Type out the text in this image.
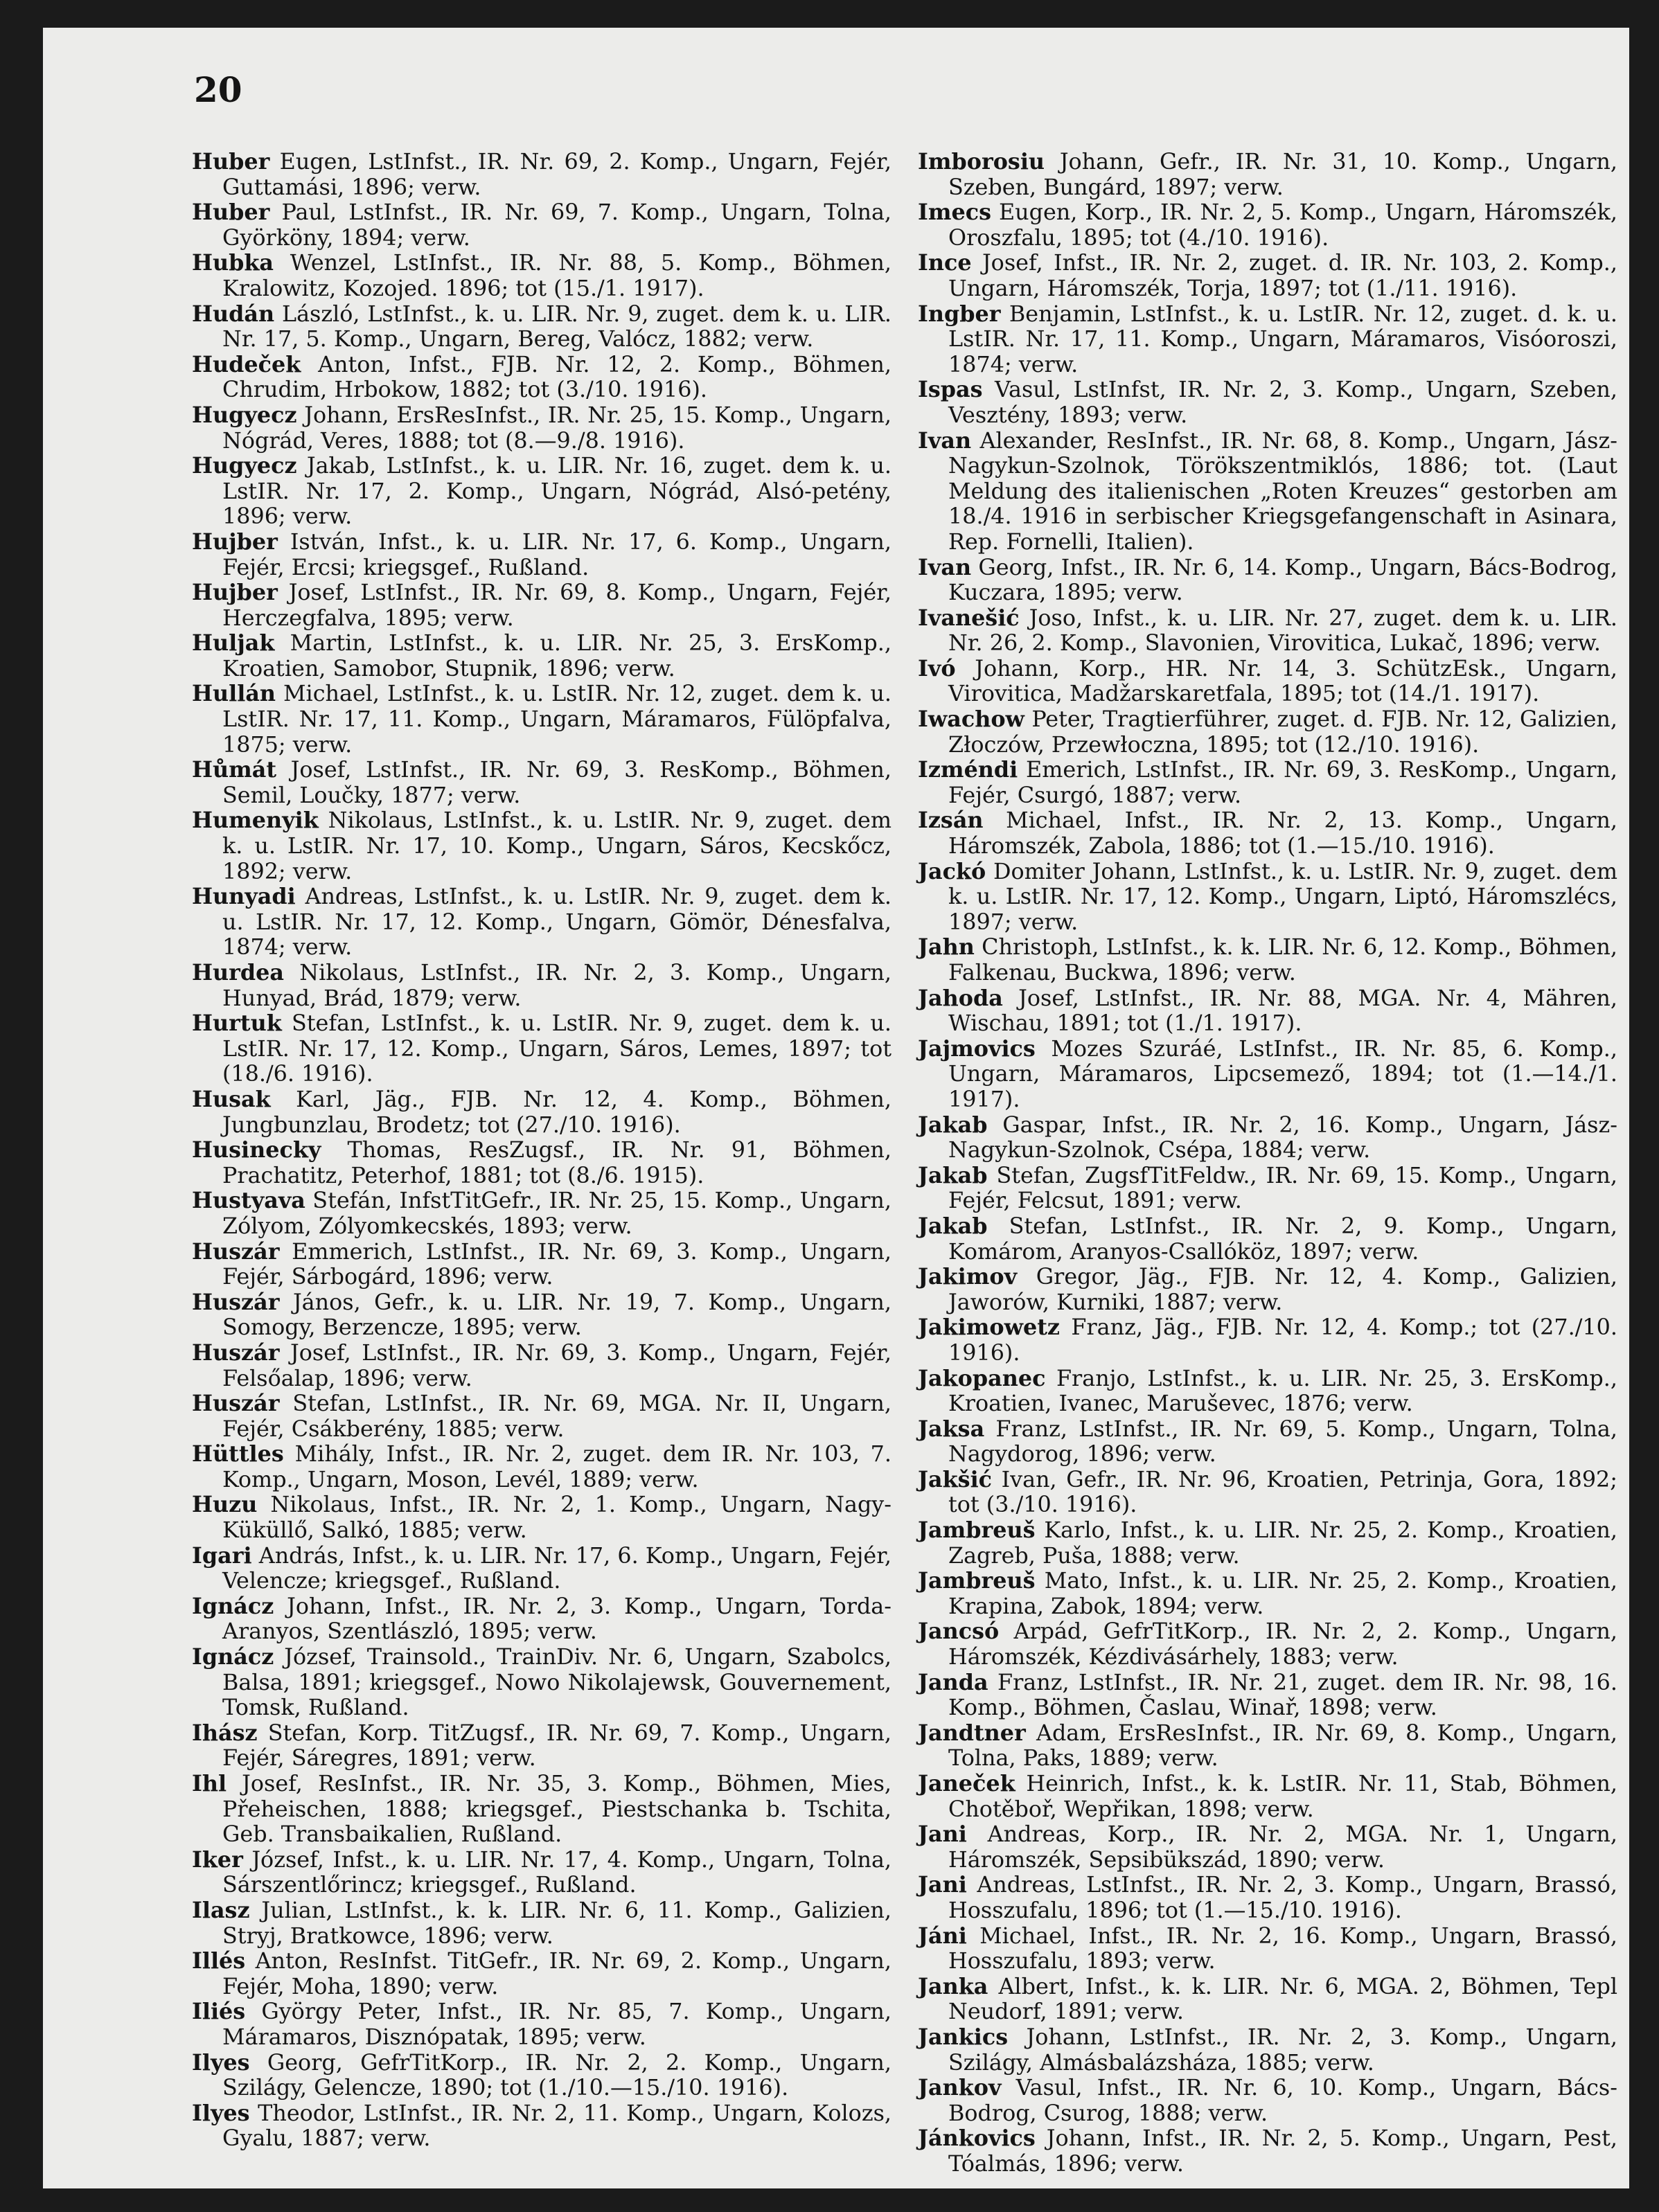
20

Huber Eugen, LstInfst., IR. Nr. 69, 2. Komp., Ungarn, Fejér, Guttamási, 1896; verw.

Huber Paul, LstInfst., IR. Nr. 69, 7. Komp., Ungarn, Tolna, Györköny, 1894; verw.

Hubka Wenzel, LstInfst., IR. Nr. 88, 5. Komp., Böhmen, Kralowitz, Kozojed. 1896; tot (15./1. 1917).

Hudán László, LstInfst., k. u. LIR. Nr. 9, zuget. dem k. u. LIR. Nr. 17, 5. Komp., Ungarn, Bereg, Valócz, 1882; verw.

Hudeček Anton, Infst., FJB. Nr. 12, 2. Komp., Böhmen, Chrudim, Hrbokow, 1882; tot (3./10. 1916).

Hugyecz Johann, ErsResInfst., IR. Nr. 25, 15. Komp., Ungarn, Nógrád, Veres, 1888; tot (8.—9./8. 1916).

Hugyecz Jakab, LstInfst., k. u. LIR. Nr. 16, zuget. dem k. u. LstIR. Nr. 17, 2. Komp., Ungarn, Nógrád, Alsó-petény, 1896; verw.

Hujber István, Infst., k. u. LIR. Nr. 17, 6. Komp., Ungarn, Fejér, Ercsi; kriegsgef., Rußland.

Hujber Josef, LstInfst., IR. Nr. 69, 8. Komp., Ungarn, Fejér, Herczegfalva, 1895; verw.

Huljak Martin, LstInfst., k. u. LIR. Nr. 25, 3. ErsKomp., Kroatien, Samobor, Stupnik, 1896; verw.

Hullán Michael, LstInfst., k. u. LstIR. Nr. 12, zuget. dem k. u. LstIR. Nr. 17, 11. Komp., Ungarn, Máramaros, Fülöpfalva, 1875; verw.

Hůmát Josef, LstInfst., IR. Nr. 69, 3. ResKomp., Böhmen, Semil, Loučky, 1877; verw.

Humenyik Nikolaus, LstInfst., k. u. LstIR. Nr. 9, zuget. dem k. u. LstIR. Nr. 17, 10. Komp., Ungarn, Sáros, Kecskőcz, 1892; verw.

Hunyadi Andreas, LstInfst., k. u. LstIR. Nr. 9, zuget. dem k. u. LstIR. Nr. 17, 12. Komp., Ungarn, Gömör, Dénesfalva, 1874; verw.

Hurdea Nikolaus, LstInfst., IR. Nr. 2, 3. Komp., Ungarn, Hunyad, Brád, 1879; verw.

Hurtuk Stefan, LstInfst., k. u. LstIR. Nr. 9, zuget. dem k. u. LstIR. Nr. 17, 12. Komp., Ungarn, Sáros, Lemes, 1897; tot (18./6. 1916).

Husak Karl, Jäg., FJB. Nr. 12, 4. Komp., Böhmen, Jungbunzlau, Brodetz; tot (27./10. 1916).

Husinecky Thomas, ResZugsf., IR. Nr. 91, Böhmen, Prachatitz, Peterhof, 1881; tot (8./6. 1915).

Hustyava Stefán, InfstTitGefr., IR. Nr. 25, 15. Komp., Ungarn, Zólyom, Zólyomkecskés, 1893; verw.

Huszár Emmerich, LstInfst., IR. Nr. 69, 3. Komp., Ungarn, Fejér, Sárbogárd, 1896; verw.

Huszár János, Gefr., k. u. LIR. Nr. 19, 7. Komp., Ungarn, Somogy, Berzencze, 1895; verw.

Huszár Josef, LstInfst., IR. Nr. 69, 3. Komp., Ungarn, Fejér, Felsőalap, 1896; verw.

Huszár Stefan, LstInfst., IR. Nr. 69, MGA. Nr. II, Ungarn, Fejér, Csákberény, 1885; verw.

Hüttles Mihály, Infst., IR. Nr. 2, zuget. dem IR. Nr. 103, 7. Komp., Ungarn, Moson, Levél, 1889; verw.

Huzu Nikolaus, Infst., IR. Nr. 2, 1. Komp., Ungarn, Nagy-Küküllő, Salkó, 1885; verw.

Igari András, Infst., k. u. LIR. Nr. 17, 6. Komp., Ungarn, Fejér, Velencze; kriegsgef., Rußland.

Ignácz Johann, Infst., IR. Nr. 2, 3. Komp., Ungarn, Torda-Aranyos, Szentlászló, 1895; verw.

Ignácz József, Trainsold., TrainDiv. Nr. 6, Ungarn, Szabolcs, Balsa, 1891; kriegsgef., Nowo Nikolajewsk, Gouvernement, Tomsk, Rußland.

Ihász Stefan, Korp. TitZugsf., IR. Nr. 69, 7. Komp., Ungarn, Fejér, Sáregres, 1891; verw.

Ihl Josef, ResInfst., IR. Nr. 35, 3. Komp., Böhmen, Mies, Přeheischen, 1888; kriegsgef., Piestschanka b. Tschita, Geb. Transbaikalien, Rußland.

Iker József, Infst., k. u. LIR. Nr. 17, 4. Komp., Ungarn, Tolna, Sárszentlőrincz; kriegsgef., Rußland.

Ilasz Julian, LstInfst., k. k. LIR. Nr. 6, 11. Komp., Galizien, Stryj, Bratkowce, 1896; verw.

Illés Anton, ResInfst. TitGefr., IR. Nr. 69, 2. Komp., Ungarn, Fejér, Moha, 1890; verw.

Iliés György Peter, Infst., IR. Nr. 85, 7. Komp., Ungarn, Máramaros, Disznópatak, 1895; verw.

Ilyes Georg, GefrTitKorp., IR. Nr. 2, 2. Komp., Ungarn, Szilágy, Gelencze, 1890; tot (1./10.—15./10. 1916).

Ilyes Theodor, LstInfst., IR. Nr. 2, 11. Komp., Ungarn, Kolozs, Gyalu, 1887; verw.

Imborosiu Johann, Gefr., IR. Nr. 31, 10. Komp., Ungarn, Szeben, Bungárd, 1897; verw.

Imecs Eugen, Korp., IR. Nr. 2, 5. Komp., Ungarn, Háromszék, Oroszfalu, 1895; tot (4./10. 1916).

Ince Josef, Infst., IR. Nr. 2, zuget. d. IR. Nr. 103, 2. Komp., Ungarn, Háromszék, Torja, 1897; tot (1./11. 1916).

Ingber Benjamin, LstInfst., k. u. LstIR. Nr. 12, zuget. d. k. u. LstIR. Nr. 17, 11. Komp., Ungarn, Máramaros, Visóoroszi, 1874; verw.

Ispas Vasul, LstInfst, IR. Nr. 2, 3. Komp., Ungarn, Szeben, Vesztény, 1893; verw.

Ivan Alexander, ResInfst., IR. Nr. 68, 8. Komp., Ungarn, Jász-Nagykun-Szolnok, Törökszentmiklós, 1886; tot. (Laut Meldung des italienischen „Roten Kreuzes“ gestorben am 18./4. 1916 in serbischer Kriegsgefangenschaft in Asinara, Rep. Fornelli, Italien).

Ivan Georg, Infst., IR. Nr. 6, 14. Komp., Ungarn, Bács-Bodrog, Kuczara, 1895; verw.

Ivanešić Joso, Infst., k. u. LIR. Nr. 27, zuget. dem k. u. LIR. Nr. 26, 2. Komp., Slavonien, Virovitica, Lukač, 1896; verw.

Ivó Johann, Korp., HR. Nr. 14, 3. SchützEsk., Ungarn, Virovitica, Madžarskaretfala, 1895; tot (14./1. 1917).

Iwachow Peter, Tragtierführer, zuget. d. FJB. Nr. 12, Galizien, Złoczów, Przewłoczna, 1895; tot (12./10. 1916).

Izméndi Emerich, LstInfst., IR. Nr. 69, 3. ResKomp., Ungarn, Fejér, Csurgó, 1887; verw.

Izsán Michael, Infst., IR. Nr. 2, 13. Komp., Ungarn, Háromszék, Zabola, 1886; tot (1.—15./10. 1916).

Jackó Domiter Johann, LstInfst., k. u. LstIR. Nr. 9, zuget. dem k. u. LstIR. Nr. 17, 12. Komp., Ungarn, Liptó, Háromszlécs, 1897; verw.

Jahn Christoph, LstInfst., k. k. LIR. Nr. 6, 12. Komp., Böhmen, Falkenau, Buckwa, 1896; verw.

Jahoda Josef, LstInfst., IR. Nr. 88, MGA. Nr. 4, Mähren, Wischau, 1891; tot (1./1. 1917).

Jajmovics Mozes Szuráé, LstInfst., IR. Nr. 85, 6. Komp., Ungarn, Máramaros, Lipcsemező, 1894; tot (1.—14./1. 1917).

Jakab Gaspar, Infst., IR. Nr. 2, 16. Komp., Ungarn, Jász-Nagykun-Szolnok, Csépa, 1884; verw.

Jakab Stefan, ZugsfTitFeldw., IR. Nr. 69, 15. Komp., Ungarn, Fejér, Felcsut, 1891; verw.

Jakab Stefan, LstInfst., IR. Nr. 2, 9. Komp., Ungarn, Komárom, Aranyos-Csallóköz, 1897; verw.

Jakimov Gregor, Jäg., FJB. Nr. 12, 4. Komp., Galizien, Jaworów, Kurniki, 1887; verw.

Jakimowetz Franz, Jäg., FJB. Nr. 12, 4. Komp.; tot (27./10. 1916).

Jakopanec Franjo, LstInfst., k. u. LIR. Nr. 25, 3. ErsKomp., Kroatien, Ivanec, Maruševec, 1876; verw.

Jaksa Franz, LstInfst., IR. Nr. 69, 5. Komp., Ungarn, Tolna, Nagydorog, 1896; verw.

Jakšić Ivan, Gefr., IR. Nr. 96, Kroatien, Petrinja, Gora, 1892; tot (3./10. 1916).

Jambreuš Karlo, Infst., k. u. LIR. Nr. 25, 2. Komp., Kroatien, Zagreb, Puša, 1888; verw.

Jambreuš Mato, Infst., k. u. LIR. Nr. 25, 2. Komp., Kroatien, Krapina, Zabok, 1894; verw.

Jancsó Arpád, GefrTitKorp., IR. Nr. 2, 2. Komp., Ungarn, Háromszék, Kézdivásárhely, 1883; verw.

Janda Franz, LstInfst., IR. Nr. 21, zuget. dem IR. Nr. 98, 16. Komp., Böhmen, Časlau, Winař, 1898; verw.

Jandtner Adam, ErsResInfst., IR. Nr. 69, 8. Komp., Ungarn, Tolna, Paks, 1889; verw.

Janeček Heinrich, Infst., k. k. LstIR. Nr. 11, Stab, Böhmen, Chotěboř, Wepřikan, 1898; verw.

Jani Andreas, Korp., IR. Nr. 2, MGA. Nr. 1, Ungarn, Háromszék, Sepsibükszád, 1890; verw.

Jani Andreas, LstInfst., IR. Nr. 2, 3. Komp., Ungarn, Brassó, Hosszufalu, 1896; tot (1.—15./10. 1916).

Jáni Michael, Infst., IR. Nr. 2, 16. Komp., Ungarn, Brassó, Hosszufalu, 1893; verw.

Janka Albert, Infst., k. k. LIR. Nr. 6, MGA. 2, Böhmen, Tepl Neudorf, 1891; verw.

Jankics Johann, LstInfst., IR. Nr. 2, 3. Komp., Ungarn, Szilágy, Almásbalázsháza, 1885; verw.

Jankov Vasul, Infst., IR. Nr. 6, 10. Komp., Ungarn, Bács-Bodrog, Csurog, 1888; verw.

Jánkovics Johann, Infst., IR. Nr. 2, 5. Komp., Ungarn, Pest, Tóalmás, 1896; verw.
